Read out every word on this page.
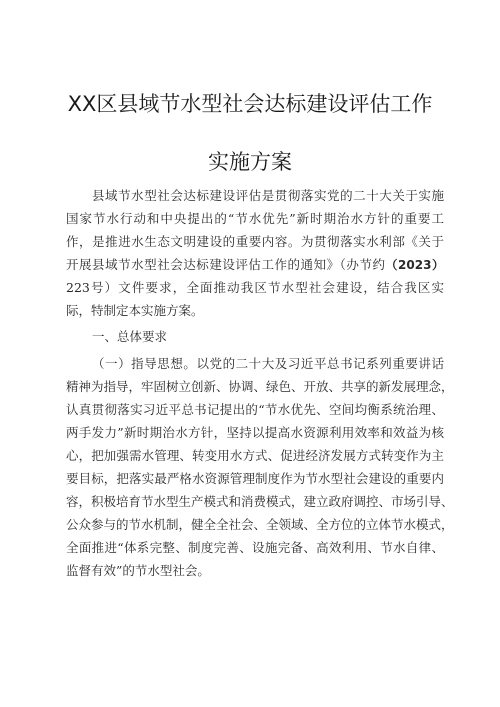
XX区县域节水型社会达标建设评估工作
实施方案
县域节水型社会达标建设评估是贯彻落实党的二十大关于实施
国家节水行动和中央提出的“节水优先”新时期治水方针的重要工
作，是推进水生态文明建设的重要内容。为贯彻落实水利部《关于
开展县域节水型社会达标建设评估工作的通知》（办节约（2023）
223号）文件要求，全面推动我区节水型社会建设，结合我区实
际，特制定本实施方案。
一、总体要求
（一）指导思想。以党的二十大及习近平总书记系列重要讲话
精神为指导，牢固树立创新、协调、绿色、开放、共享的新发展理念，
认真贯彻落实习近平总书记提出的“节水优先、空间均衡系统治理、
两手发力”新时期治水方针，坚持以提高水资源利用效率和效益为核
心，把加强需水管理、转变用水方式、促进经济发展方式转变作为主
要目标，把落实最严格水资源管理制度作为节水型社会建设的重要内
容，积极培育节水型生产模式和消费模式，建立政府调控、市场引导、
公众参与的节水机制，健全全社会、全领域、全方位的立体节水模式，
全面推进“体系完整、制度完善、设施完备、高效利用、节水自律、
监督有效”的节水型社会。
